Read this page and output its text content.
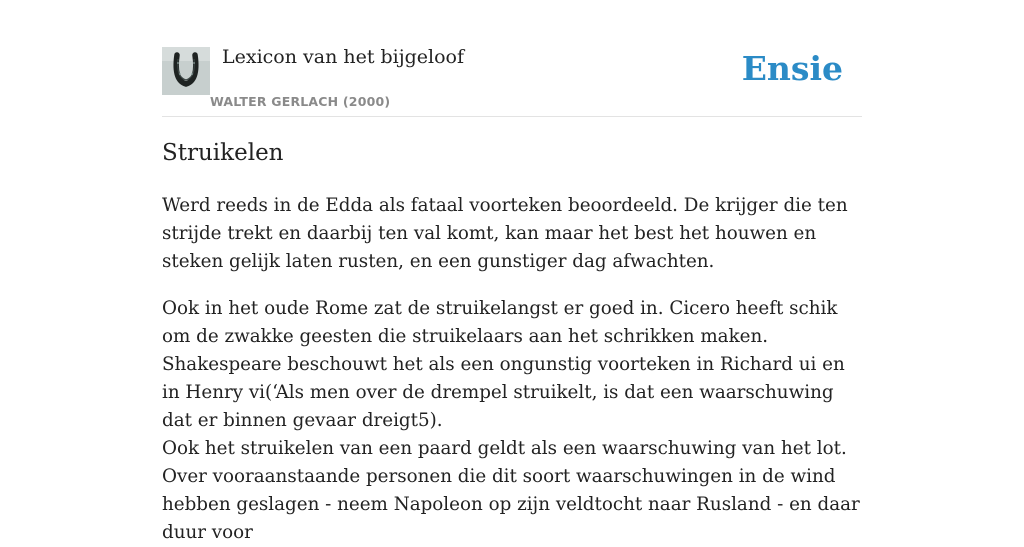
Lexicon van het bijgeloof
WALTER GERLACH (2000)
Ensie
Struikelen

Werd reeds in de Edda als fataal voorteken beoordeeld. De krijger die ten strijde trekt en daarbij ten val komt, kan maar het best het houwen en steken gelijk laten rusten, en een gunstiger dag afwachten.

Ook in het oude Rome zat de struikelangst er goed in. Cicero heeft schik om de zwakke geesten die struikelaars aan het schrikken maken. Shakespeare beschouwt het als een ongunstig voorteken in Richard ui en in Henry vi(‘Als men over de drempel struikelt, is dat een waarschuwing dat er binnen gevaar dreigt5).

Ook het struikelen van een paard geldt als een waarschuwing van het lot. Over vooraanstaande personen die dit soort waarschuwingen in de wind hebben geslagen - neem Napoleon op zijn veldtocht naar Rusland - en daar duur voor
